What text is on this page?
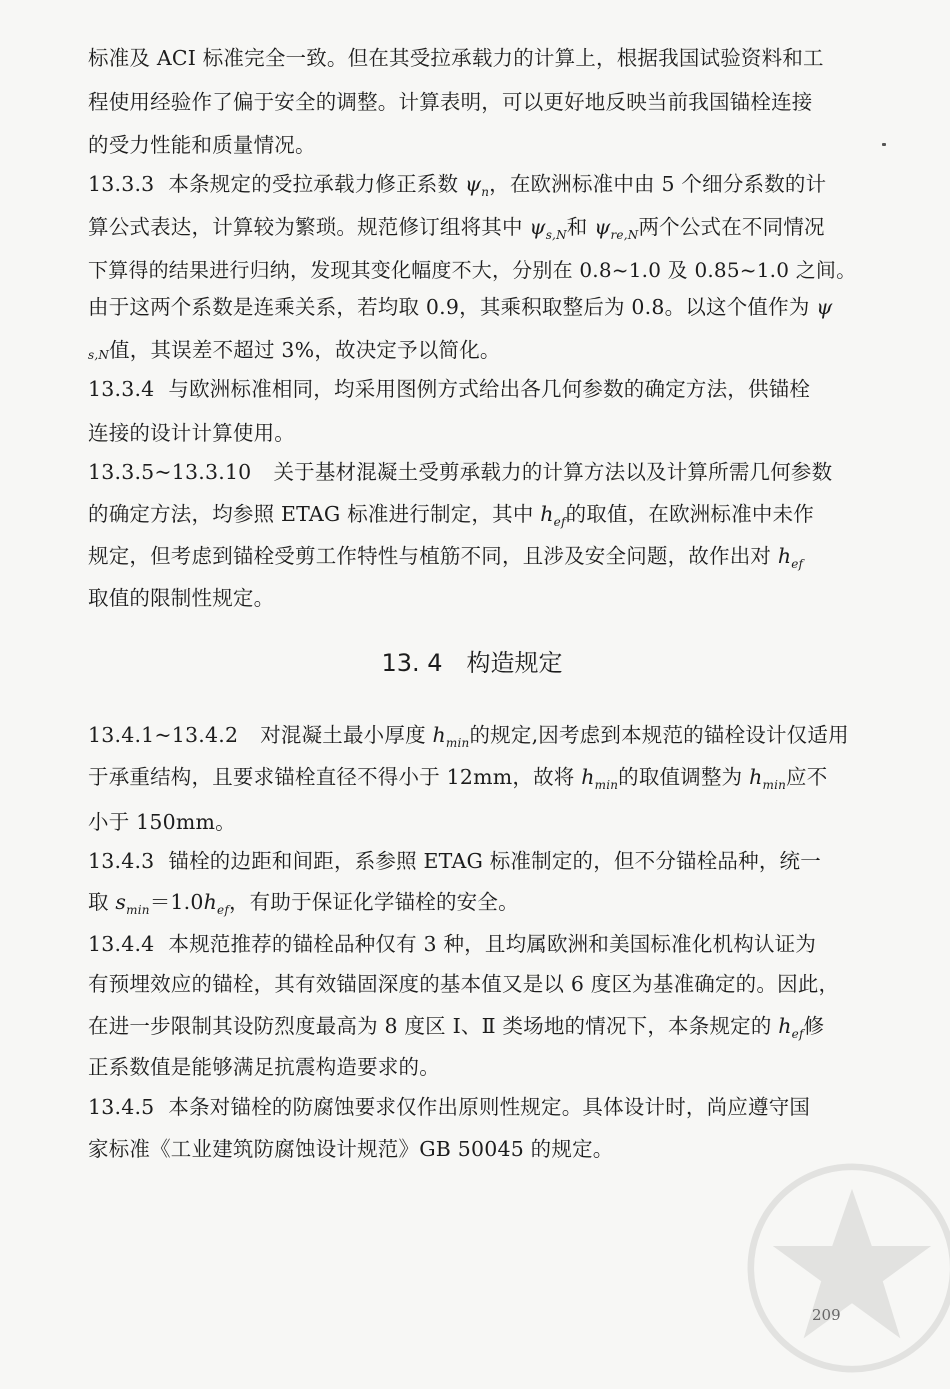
标准及 ACI 标准完全一致。但在其受拉承载力的计算上，根据我国试验资料和工
程使用经验作了偏于安全的调整。计算表明，可以更好地反映当前我国锚栓连接
的受力性能和质量情况。
13.3.3 本条规定的受拉承载力修正系数 $\psi_n$，在欧洲标准中由 5 个细分系数的计
算公式表达，计算较为繁琐。规范修订组将其中 $\psi_{s,N}$和 $\psi_{re,N}$两个公式在不同情况
下算得的结果进行归纳，发现其变化幅度不大，分别在 0.8~1.0 及 0.85~1.0 之间。
由于这两个系数是连乘关系，若均取 0.9，其乘积取整后为 0.8。以这个值作为 ψ
$_{s,N}$值，其误差不超过 3%，故决定予以简化。
13.3.4 与欧洲标准相同，均采用图例方式给出各几何参数的确定方法，供锚栓
连接的设计计算使用。
13.3.5~13.3.10 关于基材混凝土受剪承载力的计算方法以及计算所需几何参数
的确定方法，均参照 ETAG 标准进行制定，其中 $h_{ef}$的取值，在欧洲标准中未作
规定，但考虑到锚栓受剪工作特性与植筋不同，且涉及安全问题，故作出对 $h_{ef}$
取值的限制性规定。
13. 4 构造规定
13.4.1~13.4.2 对混凝土最小厚度 $h_{min}$的规定,因考虑到本规范的锚栓设计仅适用
于承重结构，且要求锚栓直径不得小于 12mm，故将 $h_{min}$的取值调整为 $h_{min}$应不
小于 150mm。
13.4.3 锚栓的边距和间距，系参照 ETAG 标准制定的，但不分锚栓品种，统一
取 $s_{min}=1.0h_{ef}$，有助于保证化学锚栓的安全。
13.4.4 本规范推荐的锚栓品种仅有 3 种，且均属欧洲和美国标准化机构认证为
有预埋效应的锚栓，其有效锚固深度的基本值又是以 6 度区为基准确定的。因此，
在进一步限制其设防烈度最高为 8 度区 Ⅰ、Ⅱ 类场地的情况下，本条规定的 $h_{ef}$修
正系数值是能够满足抗震构造要求的。
13.4.5 本条对锚栓的防腐蚀要求仅作出原则性规定。具体设计时，尚应遵守国
家标准《工业建筑防腐蚀设计规范》GB 50045 的规定。
209
